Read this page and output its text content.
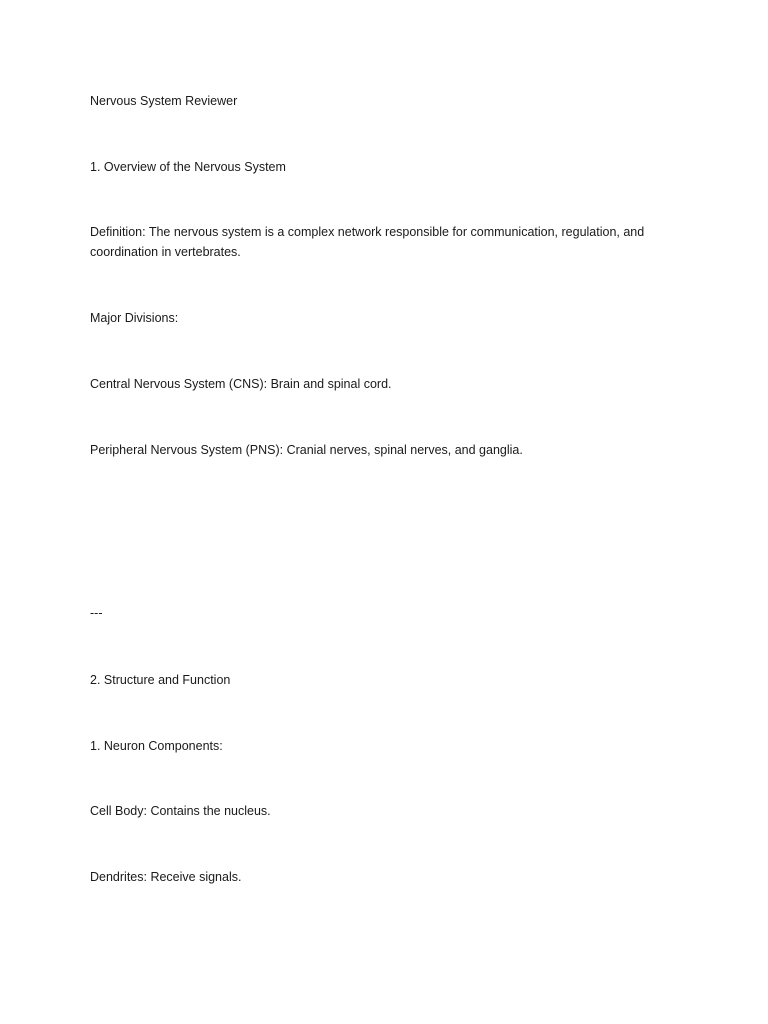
Nervous System Reviewer

1. Overview of the Nervous System

Definition: The nervous system is a complex network responsible for communication, regulation, and coordination in vertebrates.

Major Divisions:

Central Nervous System (CNS): Brain and spinal cord.

Peripheral Nervous System (PNS): Cranial nerves, spinal nerves, and ganglia.

---

2. Structure and Function

1. Neuron Components:

Cell Body: Contains the nucleus.

Dendrites: Receive signals.
